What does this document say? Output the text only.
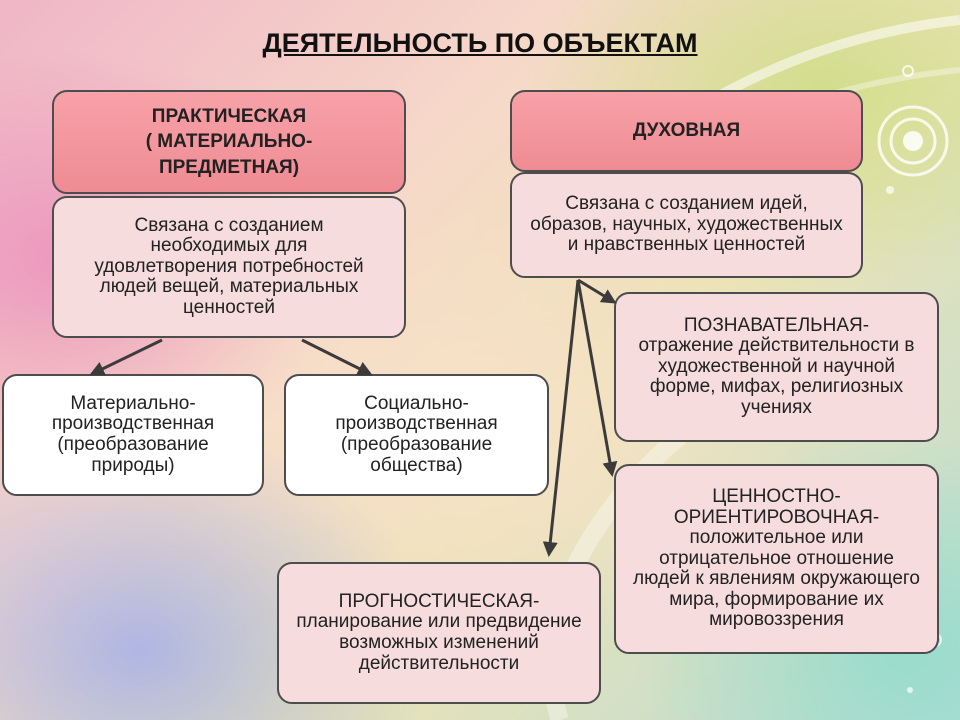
ДЕЯТЕЛЬНОСТЬ ПО ОБЪЕКТАМ
ПРАКТИЧЕСКАЯ
( МАТЕРИАЛЬНО-
ПРЕДМЕТНАЯ)
Связана с созданием необходимых для удовлетворения потребностей людей вещей, материальных ценностей
Материально-производственная (преобразование природы)
Социально-производственная (преобразование общества)
ДУХОВНАЯ
Связана с созданием идей, образов, научных, художественных и нравственных ценностей
ПОЗНАВАТЕЛЬНАЯ-
отражение действительности в художественной и научной форме, мифах, религиозных учениях
ЦЕННОСТНО-ОРИЕНТИРОВОЧНАЯ-
положительное или отрицательное отношение людей к явлениям окружающего мира, формирование их мировоззрения
ПРОГНОСТИЧЕСКАЯ-
планирование или предвидение возможных изменений действительности
